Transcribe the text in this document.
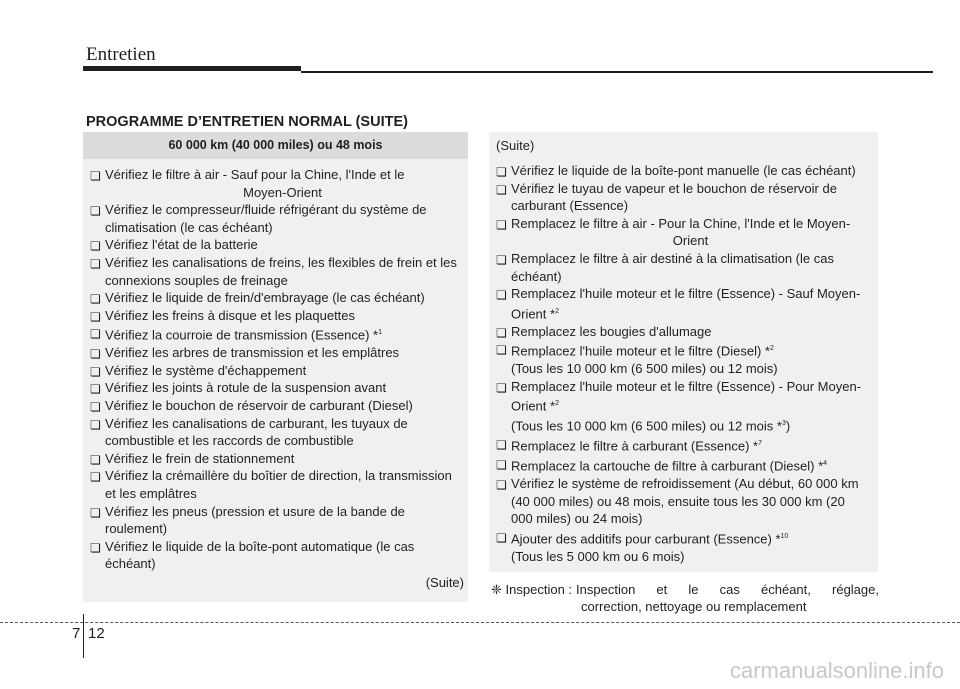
Entretien
PROGRAMME D’ENTRETIEN NORMAL (SUITE)
60 000 km (40 000 miles) ou 48 mois
❏ Vérifiez le filtre à air - Sauf pour la Chine, l'Inde et le
Moyen-Orient
❏ Vérifiez le compresseur/fluide réfrigérant du système de climatisation (le cas échéant)
❏ Vérifiez l'état de la batterie
❏ Vérifiez les canalisations de freins, les flexibles de frein et les connexions souples de freinage
❏ Vérifiez le liquide de frein/d'embrayage (le cas échéant)
❏ Vérifiez les freins à disque et les plaquettes
❏ Vérifiez la courroie de transmission (Essence) *$^1$
❏ Vérifiez les arbres de transmission et les emplâtres
❏ Vérifiez le système d'échappement
❏ Vérifiez les joints à rotule de la suspension avant
❏ Vérifiez le bouchon de réservoir de carburant (Diesel)
❏ Vérifiez les canalisations de carburant, les tuyaux de combustible et les raccords de combustible
❏ Vérifiez le frein de stationnement
❏ Vérifiez la crémaillère du boîtier de direction, la transmission et les emplâtres
❏ Vérifiez les pneus (pression et usure de la bande de roulement)
❏ Vérifiez le liquide de la boîte-pont automatique (le cas échéant)
(Suite)
(Suite)
❏ Vérifiez le liquide de la boîte-pont manuelle (le cas échéant)
❏ Vérifiez le tuyau de vapeur et le bouchon de réservoir de carburant (Essence)
❏ Remplacez le filtre à air - Pour la Chine, l'Inde et le Moyen-
Orient
❏ Remplacez le filtre à air destiné à la climatisation (le cas échéant)
❏ Remplacez l'huile moteur et le filtre (Essence) - Sauf Moyen-Orient *$^2$
❏ Remplacez les bougies d'allumage
❏ Remplacez l'huile moteur et le filtre (Diesel) *$^2$
(Tous les 10 000 km (6 500 miles) ou 12 mois)
❏ Remplacez l'huile moteur et le filtre (Essence) - Pour Moyen-Orient *$^2$
(Tous les 10 000 km (6 500 miles) ou 12 mois *$^3$)
❏ Remplacez le filtre à carburant (Essence) *$^7$
❏ Remplacez la cartouche de filtre à carburant (Diesel) *$^4$
❏ Vérifiez le système de refroidissement (Au début, 60 000 km (40 000 miles) ou 48 mois, ensuite tous les 30 000 km (20 000 miles) ou 24 mois)
❏ Ajouter des additifs pour carburant (Essence) *$^{10}$
(Tous les 5 000 km ou 6 mois)
❈ Inspection : Inspection et le cas échéant, réglage,
correction, nettoyage ou remplacement
7 12
carmanualsonline.info
